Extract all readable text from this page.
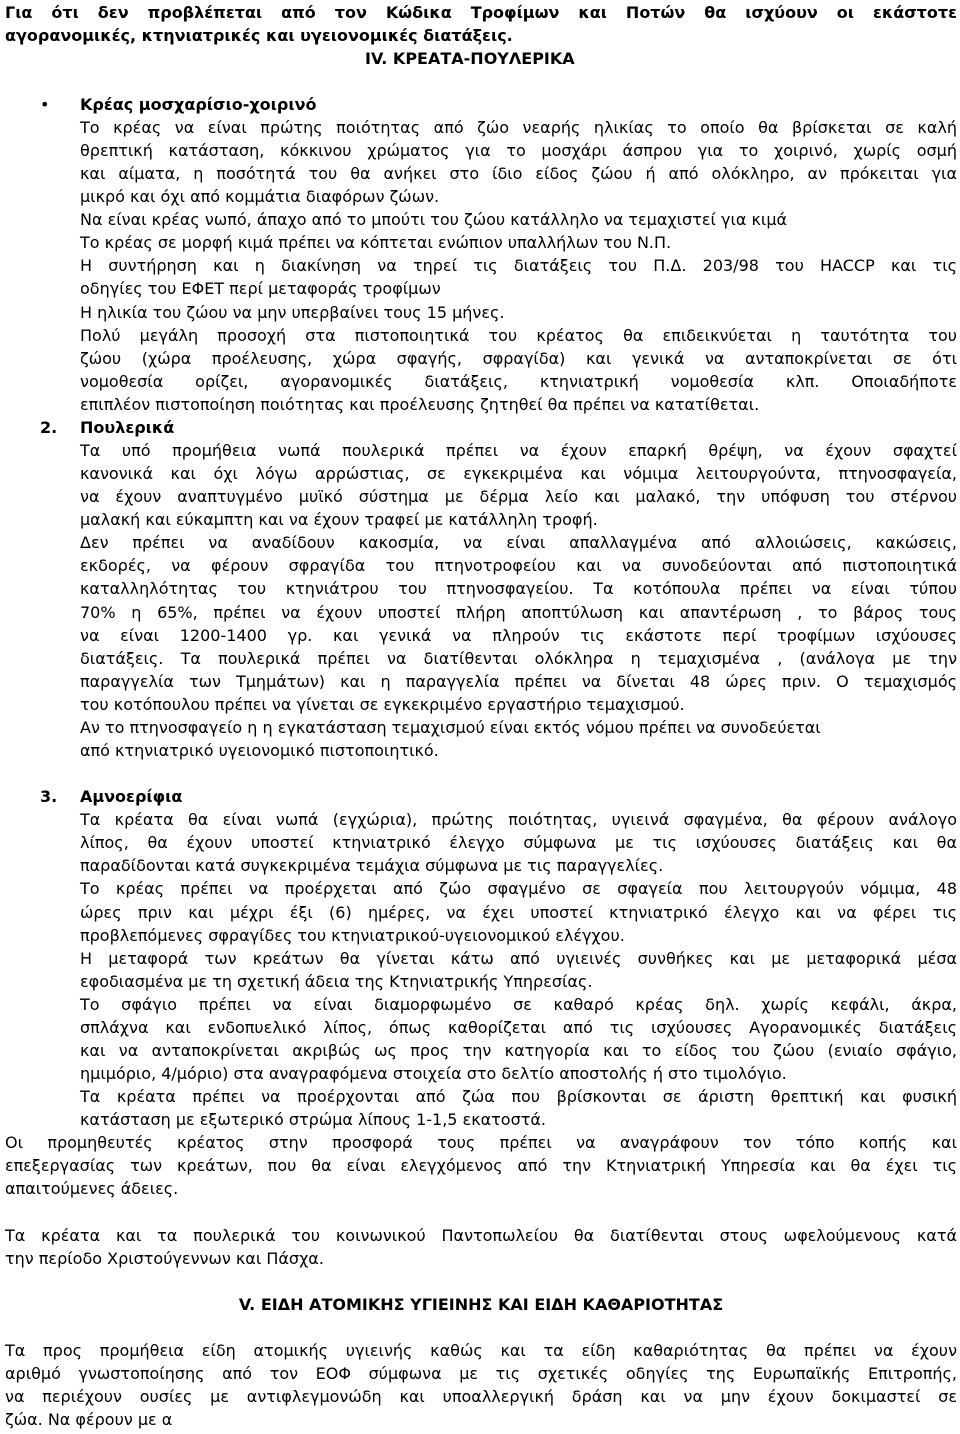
Για ότι δεν προβλέπεται από τον Κώδικα Τροφίμων και Ποτών θα ισχύουν οι εκάστοτε
αγορανομικές, κτηνιατρικές και υγειονομικές διατάξεις.
IV. ΚΡΕΑΤΑ-ΠΟΥΛΕΡΙΚΑ
•
Κρέας μοσχαρίσιο-χοιρινό
Το κρέας να είναι πρώτης ποιότητας από ζώο νεαρής ηλικίας το οποίο θα βρίσκεται σε καλή
θρεπτική κατάσταση, κόκκινου χρώματος για το μοσχάρι άσπρου για το χοιρινό, χωρίς οσμή
και αίματα, η ποσότητά του θα ανήκει στο ίδιο είδος ζώου ή από ολόκληρο, αν πρόκειται για
μικρό και όχι από κομμάτια διαφόρων ζώων.
Να είναι κρέας νωπό, άπαχο από το μπούτι του ζώου κατάλληλο να τεμαχιστεί για κιμά
Το κρέας σε μορφή κιμά πρέπει να κόπτεται ενώπιον υπαλλήλων του Ν.Π.
Η συντήρηση και η διακίνηση να τηρεί τις διατάξεις του Π.Δ. 203/98 του HACCP και τις
οδηγίες του ΕΦΕΤ περί μεταφοράς τροφίμων
Η ηλικία του ζώου να μην υπερβαίνει τους 15 μήνες.
Πολύ μεγάλη προσοχή στα πιστοποιητικά του κρέατος θα επιδεικνύεται η ταυτότητα του
ζώου (χώρα προέλευσης, χώρα σφαγής, σφραγίδα) και γενικά να ανταποκρίνεται σε ότι
νομοθεσία ορίζει, αγορανομικές διατάξεις, κτηνιατρική νομοθεσία κλπ. Οποιαδήποτε
επιπλέον πιστοποίηση ποιότητας και προέλευσης ζητηθεί θα πρέπει να κατατίθεται.
2. Πουλερικά
Τα υπό προμήθεια νωπά πουλερικά πρέπει να έχουν επαρκή θρέψη, να έχουν σφαχτεί
κανονικά και όχι λόγω αρρώστιας, σε εγκεκριμένα και νόμιμα λειτουργούντα, πτηνοσφαγεία,
να έχουν αναπτυγμένο μυϊκό σύστημα με δέρμα λείο και μαλακό, την υπόφυση του στέρνου
μαλακή και εύκαμπτη και να έχουν τραφεί με κατάλληλη τροφή.
Δεν πρέπει να αναδίδουν κακοσμία, να είναι απαλλαγμένα από αλλοιώσεις, κακώσεις,
εκδορές, να φέρουν σφραγίδα του πτηνοτροφείου και να συνοδεύονται από πιστοποιητικά
καταλληλότητας του κτηνιάτρου του πτηνοσφαγείου. Τα κοτόπουλα πρέπει να είναι τύπου
70% η 65%, πρέπει να έχουν υποστεί πλήρη αποπτύλωση και απαντέρωση , το βάρος τους
να είναι 1200-1400 γρ. και γενικά να πληρούν τις εκάστοτε περί τροφίμων ισχύουσες
διατάξεις. Τα πουλερικά πρέπει να διατίθενται ολόκληρα η τεμαχισμένα , (ανάλογα με την
παραγγελία των Τμημάτων) και η παραγγελία πρέπει να δίνεται 48 ώρες πριν. Ο τεμαχισμός
του κοτόπουλου πρέπει να γίνεται σε εγκεκριμένο εργαστήριο τεμαχισμού.
Αν το πτηνοσφαγείο η η εγκατάσταση τεμαχισμού είναι εκτός νόμου πρέπει να συνοδεύεται
από κτηνιατρικό υγειονομικό πιστοποιητικό.
3. Αμνοερίφια
Τα κρέατα θα είναι νωπά (εγχώρια), πρώτης ποιότητας, υγιεινά σφαγμένα, θα φέρουν ανάλογο
λίπος, θα έχουν υποστεί κτηνιατρικό έλεγχο σύμφωνα με τις ισχύουσες διατάξεις και θα
παραδίδονται κατά συγκεκριμένα τεμάχια σύμφωνα με τις παραγγελίες.
Το κρέας πρέπει να προέρχεται από ζώο σφαγμένο σε σφαγεία που λειτουργούν νόμιμα, 48
ώρες πριν και μέχρι έξι (6) ημέρες, να έχει υποστεί κτηνιατρικό έλεγχο και να φέρει τις
προβλεπόμενες σφραγίδες του κτηνιατρικού-υγειονομικού ελέγχου.
Η μεταφορά των κρεάτων θα γίνεται κάτω από υγιεινές συνθήκες και με μεταφορικά μέσα
εφοδιασμένα με τη σχετική άδεια της Κτηνιατρικής Υπηρεσίας.
Το σφάγιο πρέπει να είναι διαμορφωμένο σε καθαρό κρέας δηλ. χωρίς κεφάλι, άκρα,
σπλάχνα και ενδοπυελικό λίπος, όπως καθορίζεται από τις ισχύουσες Αγορανομικές διατάξεις
και να ανταποκρίνεται ακριβώς ως προς την κατηγορία και το είδος του ζώου (ενιαίο σφάγιο,
ημιμόριο, 4/μόριο) στα αναγραφόμενα στοιχεία στο δελτίο αποστολής ή στο τιμολόγιο.
Τα κρέατα πρέπει να προέρχονται από ζώα που βρίσκονται σε άριστη θρεπτική και φυσική
κατάσταση με εξωτερικό στρώμα λίπους 1-1,5 εκατοστά.
Οι προμηθευτές κρέατος στην προσφορά τους πρέπει να αναγράφουν τον τόπο κοπής και
επεξεργασίας των κρεάτων, που θα είναι ελεγχόμενος από την Κτηνιατρική Υπηρεσία και θα έχει τις
απαιτούμενες άδειες.
Τα κρέατα και τα πουλερικά του κοινωνικού Παντοπωλείου θα διατίθενται στους ωφελούμενους κατά
την περίοδο Χριστούγεννων και Πάσχα.
V. ΕΙΔΗ ΑΤΟΜΙΚΗΣ ΥΓΙΕΙΝΗΣ ΚΑΙ ΕΙΔΗ ΚΑΘΑΡΙΟΤΗΤΑΣ
Τα προς προμήθεια είδη ατομικής υγιεινής καθώς και τα είδη καθαριότητας θα πρέπει να έχουν
αριθμό γνωστοποίησης από τον ΕΟΦ σύμφωνα με τις σχετικές οδηγίες της Ευρωπαϊκής Επιτροπής,
να περιέχουν ουσίες με αντιφλεγμονώδη και υποαλλεργική δράση και να μην έχουν δοκιμαστεί σε
ζώα. Να φέρουν με α
